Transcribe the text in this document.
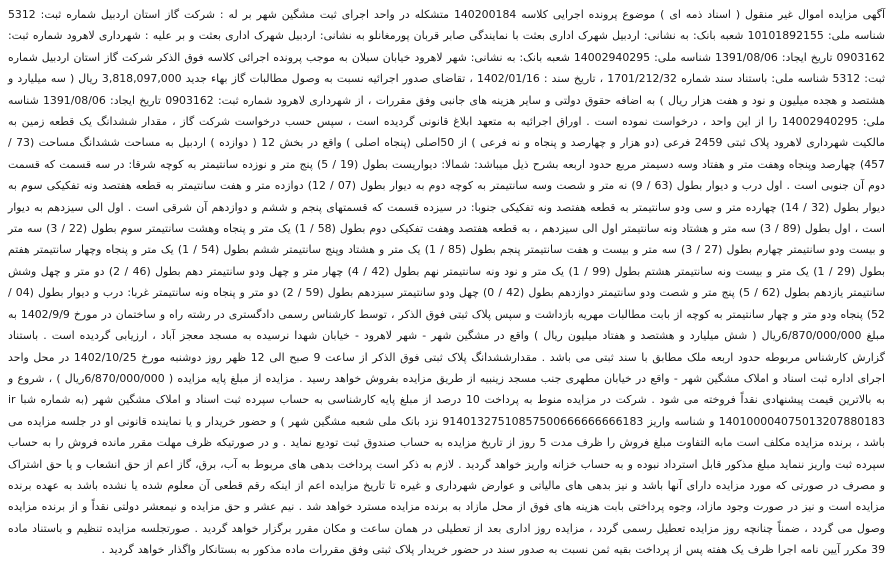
آگهی مزایده اموال غیر منقول ( اسناد ذمه ای ) موضوع پرونده اجرایی کلاسه 140200184 متشکله در واحد اجرای ثبت مشگین شهر بر له : شرکت گاز استان اردبیل شماره ثبت: 5312 شناسه ملی: 10101892155 شعبه بانک: به نشانی: اردبیل شهرک اداری بعثت با نمایندگی صابر قربان پورمغانلو به نشانی: اردبیل شهرک اداری بعثت و بر علیه : شهرداری لاهرود شماره ثبت: 0903162 تاریخ ایجاد: 1391/08/06 شناسه ملی: 14002940295 شعبه بانک: به نشانی: شهر لاهرود خیابان سبلان به موجب پرونده اجرائی کلاسه فوق الذکر شرکت گاز استان اردبیل شماره ثبت: 5312 شناسه ملی: باستناد سند شماره 1701/212/32 ، تاریخ سند : 1402/01/16 ، تقاضای صدور اجرائیه نسبت به وصول مطالبات گاز بهاء جدید 3,818,097,000 ریال ( سه میلیارد و هشتصد و هجده میلیون و نود و هفت هزار ریال ) به اضافه حقوق دولتی و سایر هزینه های جانبی وفق مقررات ، از شهرداری لاهرود شماره ثبت: 0903162 تاریخ ایجاد: 1391/08/06 شناسه ملی: 14002940295 را از این واحد ، درخواست نموده است . اوراق اجرائیه به متعهد ابلاغ قانونی گردیده است ، سپس حسب درخواست شرکت گاز ، مقدار ششدانگ یک قطعه زمین به مالکیت شهرداری لاهرود پلاک ثبتی 2459 فرعی (دو هزار و چهارصد و پنجاه و نه فرعی ) از 50اصلی (پنجاه اصلی ) واقع در بخش 12 ( دوازده ) اردبیل به مساحت ششدانگ مساحت (73 / 457) چهارصد وپنجاه وهفت متر و هفتاد وسه دسیمتر مربع حدود اربعه بشرح ذیل میباشد: شمالا: دیواریست بطول (19 / 5) پنج متر و نوزده سانتیمتر به کوچه شرقا: در سه قسمت که قسمت دوم آن جنوبی است . اول درب و دیوار بطول (63 / 9) نه متر و شصت وسه سانتیمتر به کوچه دوم به دیوار بطول (07 / 12) دوازده متر و هفت سانتیمتر به قطعه هفتصد ونه تفکیکی سوم به دیوار بطول (32 / 14) چهارده متر و سی ودو سانتیمتر به قطعه هفتصد ونه تفکیکی جنوبا: در سیزده قسمت که قسمتهای پنجم و ششم و دوازدهم آن شرقی است . اول الی سیزدهم به دیوار است ، اول بطول (89 / 3) سه متر و هشتاد ونه سانتیمتر اول الی سیزدهم ، به قطعه هفتصد وهفت تفکیکی دوم بطول (58 / 1) یک متر و پنجاه وهشت سانتیمتر سوم بطول (22 / 3) سه متر و بیست ودو سانتیمتر چهارم بطول (27 / 3) سه متر و بیست و هفت سانتیمتر پنجم بطول (85 / 1) یک متر و هشتاد وپنج سانتیمتر ششم بطول (54 / 1) یک متر و پنجاه وچهار سانتیمتر هفتم بطول (29 / 1) یک متر و بیست ونه سانتیمتر هشتم بطول (99 / 1) یک متر و نود ونه سانتیمتر نهم بطول (42 / 4) چهار متر و چهل ودو سانتیمتر دهم بطول (46 / 2) دو متر و چهل وشش سانتیمتر یازدهم بطول (62 / 5) پنج متر و شصت ودو سانتیمتر دوازدهم بطول (42 / 0) چهل ودو سانتیمتر سیزدهم بطول (59 / 2) دو متر و پنجاه ونه سانتیمتر غربا: درب و دیوار بطول (04 / 52) پنجاه ودو متر و چهار سانتیمتر به کوچه از بابت مطالبات مهریه بازداشت و سپس پلاک ثبتی فوق الذکر ، توسط کارشناس رسمی دادگستری در رشته راه و ساختمان در مورخ 1402/9/9 به مبلغ 6/870/000/000ریال ( شش میلیارد و هشتصد و هفتاد میلیون ریال ) واقع در مشگین شهر - شهر لاهرود - خیابان شهدا نرسیده به مسجد معجز آباد ، ارزیابی گردیده است . باستناد گزارش کارشناس مربوطه حدود اربعه ملک مطابق با سند ثبتی می باشد . مقدارششدانگ پلاک ثبتی فوق الذکر از ساعت 9 صبح الی 12 ظهر روز دوشنبه مورخ 1402/10/25 در محل واحد اجرای اداره ثبت اسناد و املاک مشگین شهر - واقع در خیابان مطهری جنب مسجد زینبیه از طریق مزایده بفروش خواهد رسید . مزایده از مبلغ پایه مزایده ( 6/870/000/000ریال ) ، شروع و به بالاترین قیمت پیشنهادی نقداً فروخته می شود . شرکت در مزایده منوط به پرداخت 10 درصد از مبلغ پایه کارشناسی به حساب سپرده ثبت اسناد و املاک مشگین شهر (به شماره شبا ir 140100004075013207880183 و شناسه واریز 91401327510857500666666666183 نزد بانک ملی شعبه مشگین شهر ) و حضور خریدار و یا نماینده قانونی او در جلسه مزایده می باشد ، برنده مزایده مکلف است مابه التفاوت مبلغ فروش را ظرف مدت 5 روز از تاریخ مزایده به حساب صندوق ثبت تودیع نماید . و در صورتیکه ظرف مهلت مقرر مانده فروش را به حساب سپرده ثبت واریز ننماید مبلغ مذکور قابل استرداد نبوده و به حساب خزانه واریز خواهد گردید . لازم به ذکر است پرداخت بدهی های مربوط به آب، برق، گاز اعم از حق انشعاب و یا حق اشتراک و مصرف در صورتی که مورد مزایده دارای آنها باشد و نیز بدهی های مالیاتی و عوارض شهرداری و غیره تا تاریخ مزایده اعم از اینکه رقم قطعی آن معلوم شده یا نشده باشد به عهده برنده مزایده است و نیز در صورت وجود مازاد، وجوه پرداختی بابت هزینه های فوق از محل مازاد به برنده مزایده مسترد خواهد شد . نیم عشر و حق مزایده و نیمعشر دولتی نقداً و از برنده مزایده وصول می گردد ، ضمناً چنانچه روز مزایده تعطیل رسمی گردد ، مزایده روز اداری بعد از تعطیلی در همان ساعت و مکان مقرر برگزار خواهد گردید . صورتجلسه مزایده تنظیم و باستناد ماده 39 مکرر آیین نامه اجرا ظرف یک هفته پس از پرداخت بقیه ثمن نسبت به صدور سند در حضور خریدار پلاک ثبتی وفق مقررات ماده مذکور به بستانکار واگذار خواهد گردید .
